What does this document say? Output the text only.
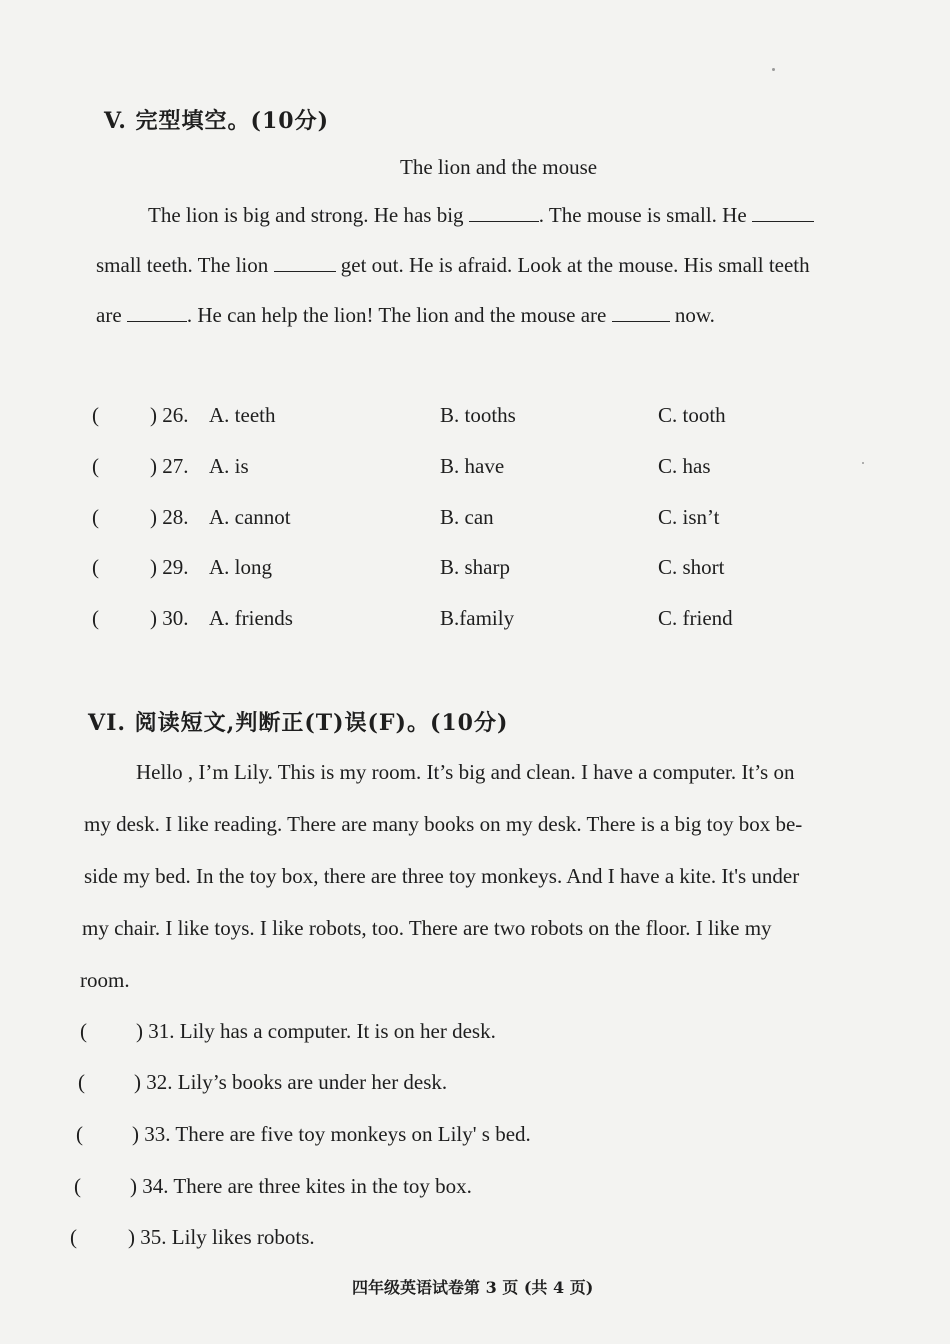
V. 完型填空。(10分)
The lion and the mouse
The lion is big and strong. He has big	. The mouse is small. He
small teeth. The lion	get out. He is afraid. Look at the mouse. His small teeth
are	. He can help the lion! The lion and the mouse are	now.
( ) 26. A. teeth	B. tooths	C. tooth
( ) 27. A. is	B. have	C. has
( ) 28. A. cannot	B. can	C. isn’t
( ) 29. A. long	B. sharp	C. short
( ) 30. A. friends	B.family	C. friend
VI. 阅读短文,判断正(T)误(F)。(10分)
Hello , I’m Lily. This is my room. It’s big and clean. I have a computer. It’s on
my desk. I like reading. There are many books on my desk. There is a big toy box be-
side my bed. In the toy box, there are three toy monkeys. And I have a kite. It's under
my chair. I like toys. I like robots, too. There are two robots on the floor. I like my
room.
( ) 31. Lily has a computer. It is on her desk.
( ) 32. Lily’s books are under her desk.
( ) 33. There are five toy monkeys on Lily' s bed.
( ) 34. There are three kites in the toy box.
( ) 35. Lily likes robots.
四年级英语试卷第 3 页 (共 4 页)
